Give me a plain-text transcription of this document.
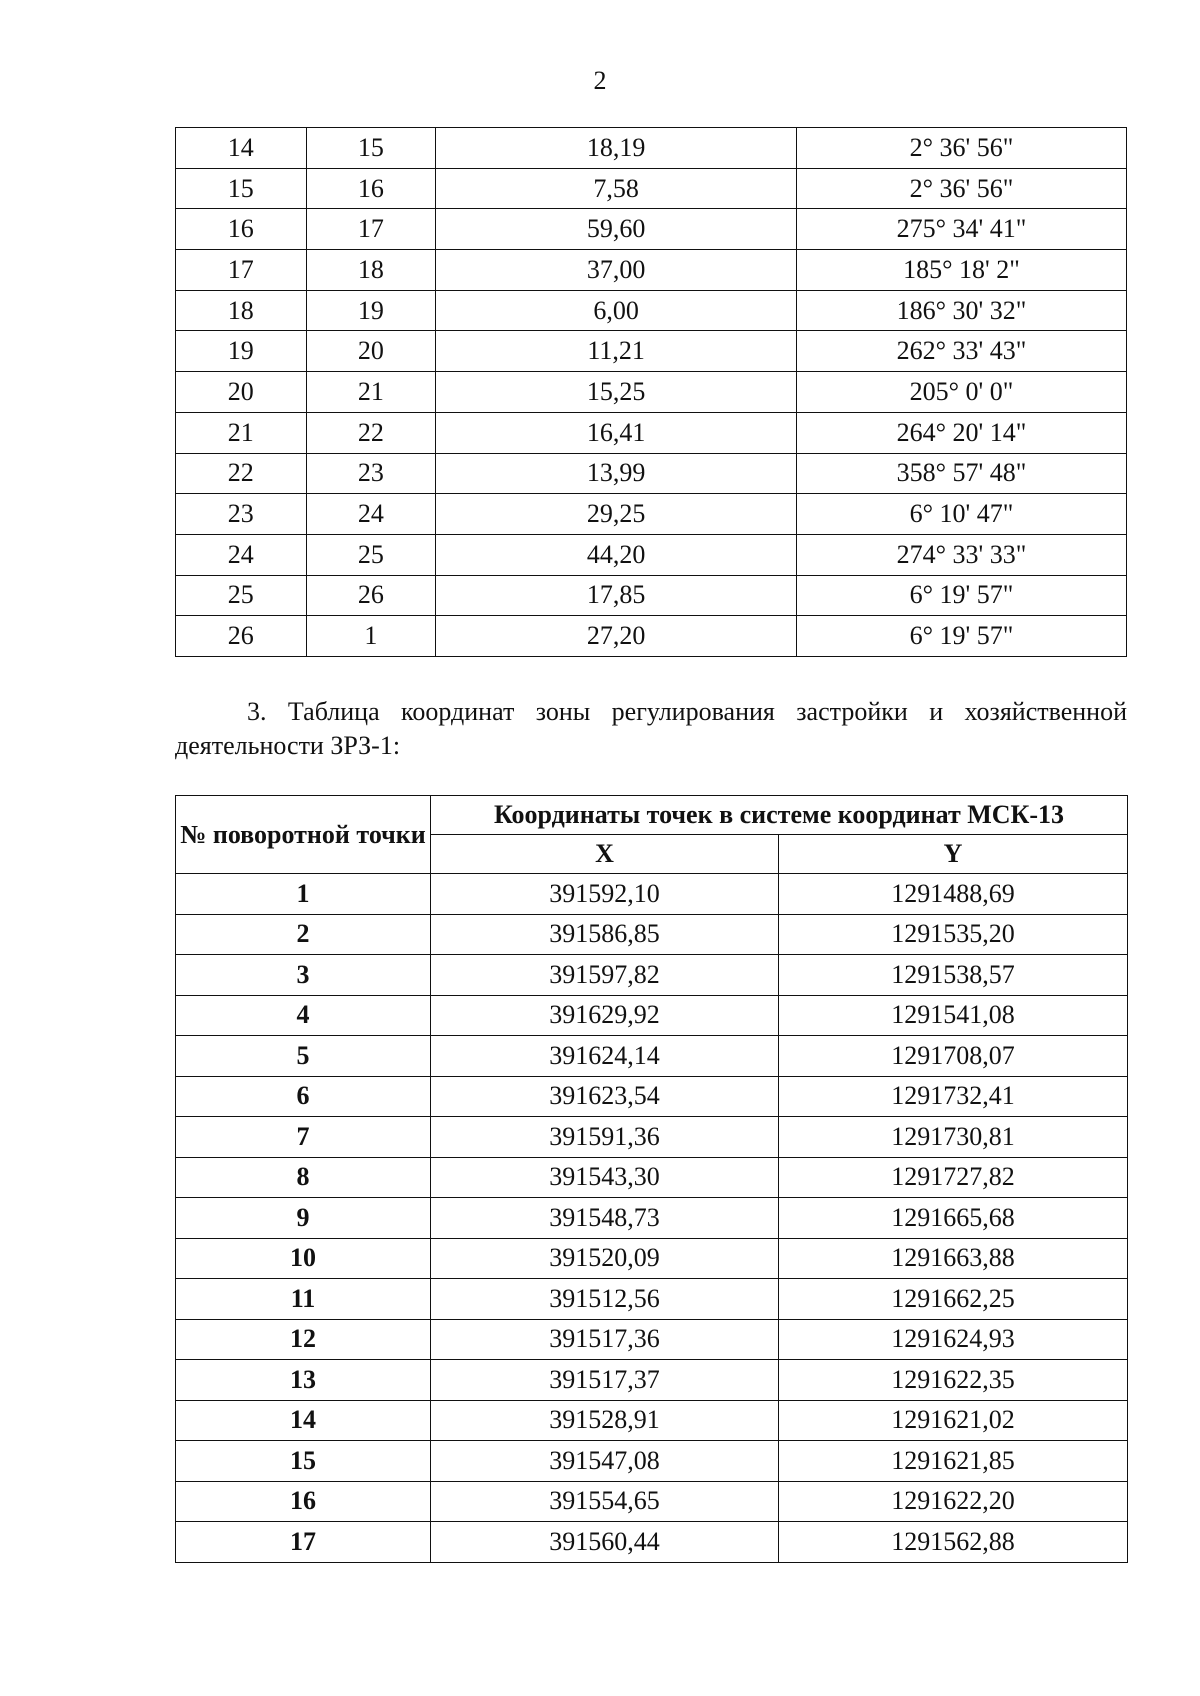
2
14	15	18,19	2° 36' 56"
15	16	7,58	2° 36' 56"
16	17	59,60	275° 34' 41"
17	18	37,00	185° 18' 2"
18	19	6,00	186° 30' 32"
19	20	11,21	262° 33' 43"
20	21	15,25	205° 0' 0"
21	22	16,41	264° 20' 14"
22	23	13,99	358° 57' 48"
23	24	29,25	6° 10' 47"
24	25	44,20	274° 33' 33"
25	26	17,85	6° 19' 57"
26	1	27,20	6° 19' 57"
3. Таблица координат зоны регулирования застройки и хозяйственной деятельности ЗРЗ-1:
№ поворотной точки	Координаты точек в системе координат МСК-13	
	X	Y
1	391592,10	1291488,69
2	391586,85	1291535,20
3	391597,82	1291538,57
4	391629,92	1291541,08
5	391624,14	1291708,07
6	391623,54	1291732,41
7	391591,36	1291730,81
8	391543,30	1291727,82
9	391548,73	1291665,68
10	391520,09	1291663,88
11	391512,56	1291662,25
12	391517,36	1291624,93
13	391517,37	1291622,35
14	391528,91	1291621,02
15	391547,08	1291621,85
16	391554,65	1291622,20
17	391560,44	1291562,88
